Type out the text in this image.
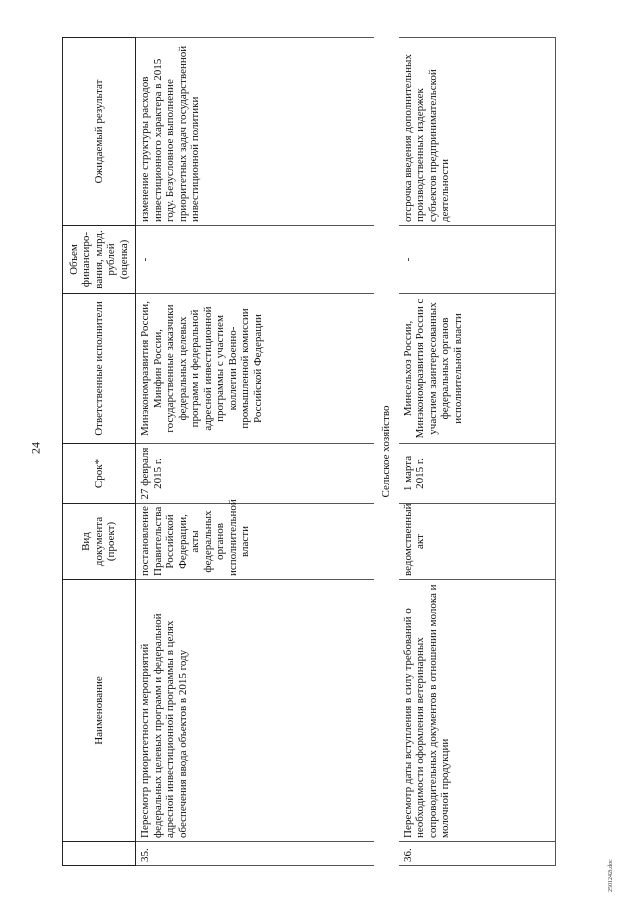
24
	Наименование	Вид документа (проект)	Срок*	Ответственные исполнители	Объем финансиро-вания, млрд. рублей (оценка)	Ожидаемый результат
35.	Пересмотр приоритетности мероприятий федеральных целевых программ и федеральной адресной инвестиционной программы в целях обеспечения ввода объектов в 2015 году	постановление Правительства Российской Федерации, акты федеральных органов исполнительной власти	27 февраля 2015 г.	Минэкономразвития России, Минфин России, государственные заказчики федеральных целевых программ и федеральной адресной инвестиционной программы с участием коллегии Военно-промышленной комиссии Российской Федерации	-	изменение структуры расходов инвестиционного характера в 2015 году. Безусловное выполнение приоритетных задач государственной инвестиционной политики
Сельское хозяйство						
36.	Пересмотр даты вступления в силу требований о необходимости оформления ветеринарных сопроводительных документов в отношении молока и молочной продукции	ведомственный акт	1 марта 2015 г.	Минсельхоз России, Минэкономразвития России с участием заинтересованных федеральных органов исполнительной власти	-	отсрочка введения дополнительных производственных издержек субъектов предпринимательской деятельности
2501242i.doc
